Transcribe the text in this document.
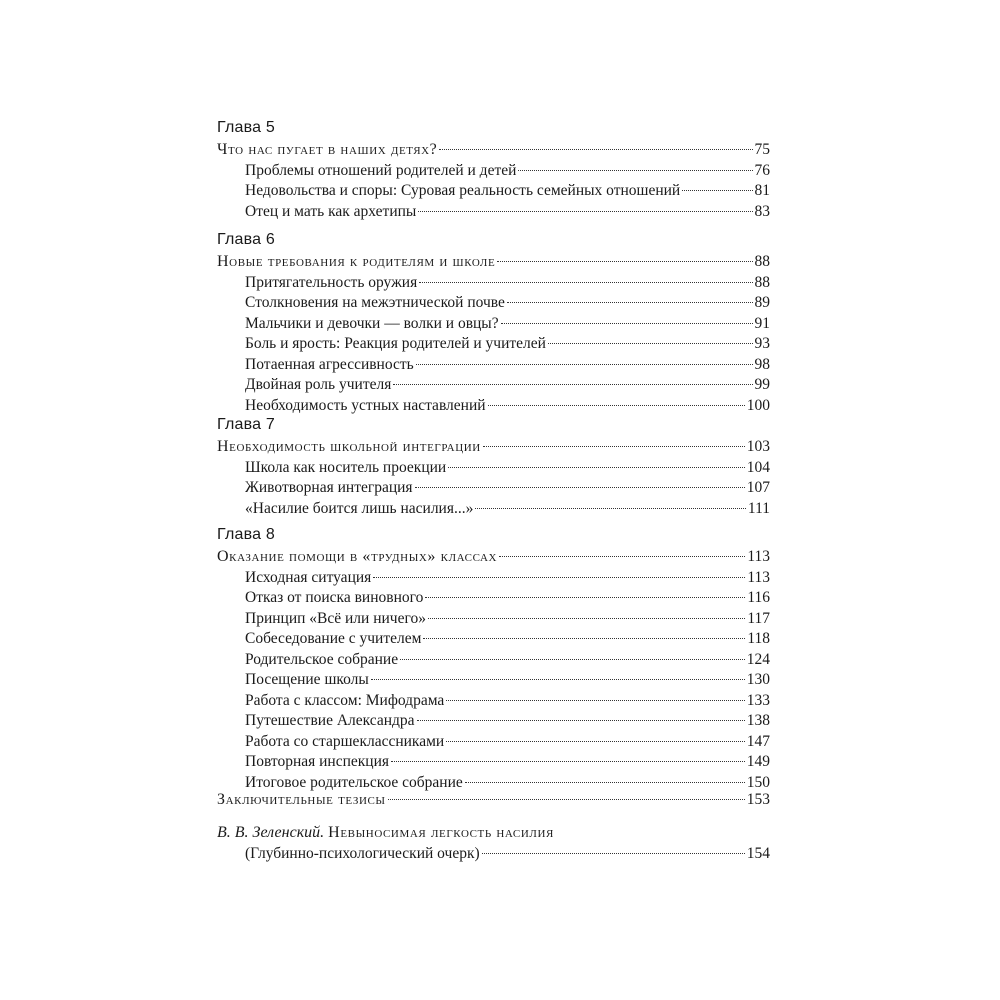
Глава 5
Что нас пугает в наших детях?	75
Проблемы отношений родителей и детей	76
Недовольства и споры: Суровая реальность семейных отношений	81
Отец и мать как архетипы	83
Глава 6
Новые требования к родителям и школе	88
Притягательность оружия	88
Столкновения на межэтнической почве	89
Мальчики и девочки — волки и овцы?	91
Боль и ярость: Реакция родителей и учителей	93
Потаенная агрессивность	98
Двойная роль учителя	99
Необходимость устных наставлений	100
Глава 7
Необходимость школьной интеграции	103
Школа как носитель проекции	104
Животворная интеграция	107
«Насилие боится лишь насилия...»	111
Глава 8
Оказание помощи в «трудных» классах	113
Исходная ситуация	113
Отказ от поиска виновного	116
Принцип «Всё или ничего»	117
Собеседование с учителем	118
Родительское собрание	124
Посещение школы	130
Работа с классом: Мифодрама	133
Путешествие Александра	138
Работа со старшеклассниками	147
Повторная инспекция	149
Итоговое родительское собрание	150
Заключительные тезисы	153
В. В. Зеленский. Невыносимая легкость насилия
(Глубинно-психологический очерк)	154
